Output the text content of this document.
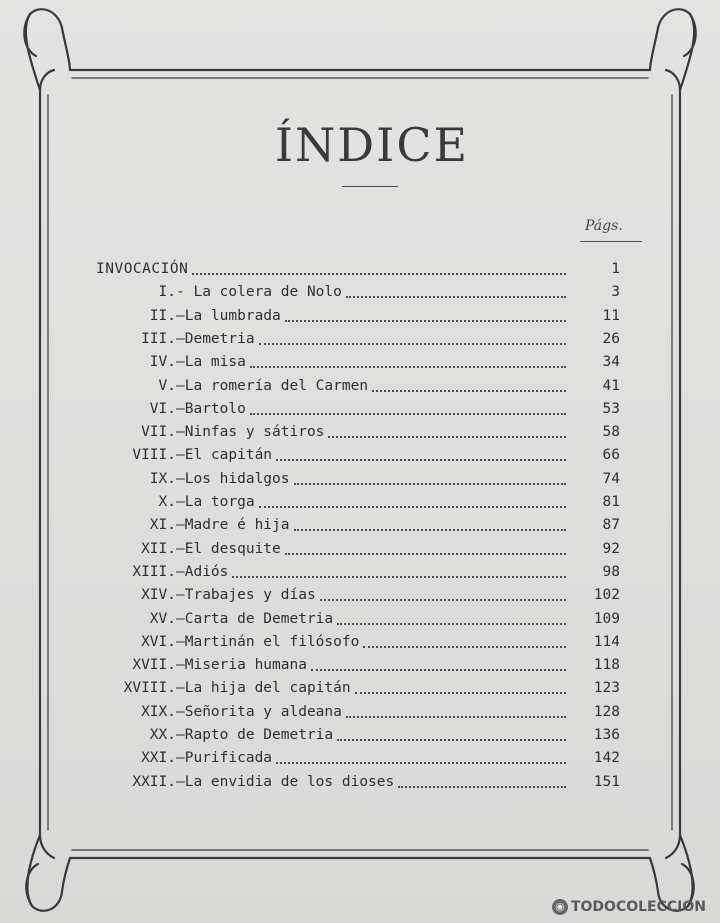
ÍNDICE
Págs.
INVOCACIÓN	1
I. - La colera de Nolo	3
II. —La lumbrada	11
III. —Demetria	26
IV. —La misa	34
V. —La romería del Carmen	41
VI. —Bartolo	53
VII. —Ninfas y sátiros	58
VIII. —El capitán	66
IX. —Los hidalgos	74
X. —La torga	81
XI. —Madre é hija	87
XII. —El desquite	92
XIII. —Adiós	98
XIV. —Trabajes y días	102
XV. —Carta de Demetria	109
XVI. —Martinán el filósofo	114
XVII. —Miseria humana	118
XVIII. —La hija del capitán	123
XIX. —Señorita y aldeana	128
XX. —Rapto de Demetria	136
XXI. —Purificada	142
XXII. —La envidia de los dioses	151
◉ TODOCOLECCION
